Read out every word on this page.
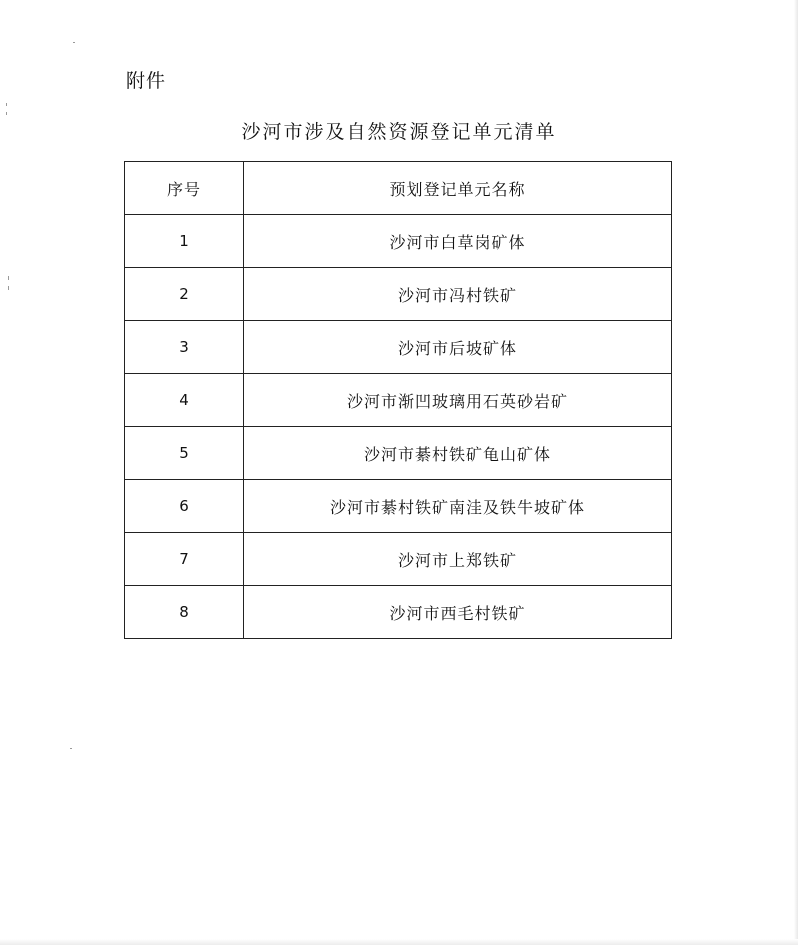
附件
沙河市涉及自然资源登记单元清单
序号	预划登记单元名称
1	沙河市白草岗矿体
2	沙河市冯村铁矿
3	沙河市后坡矿体
4	沙河市渐凹玻璃用石英砂岩矿
5	沙河市綦村铁矿龟山矿体
6	沙河市綦村铁矿南洼及铁牛坡矿体
7	沙河市上郑铁矿
8	沙河市西毛村铁矿
